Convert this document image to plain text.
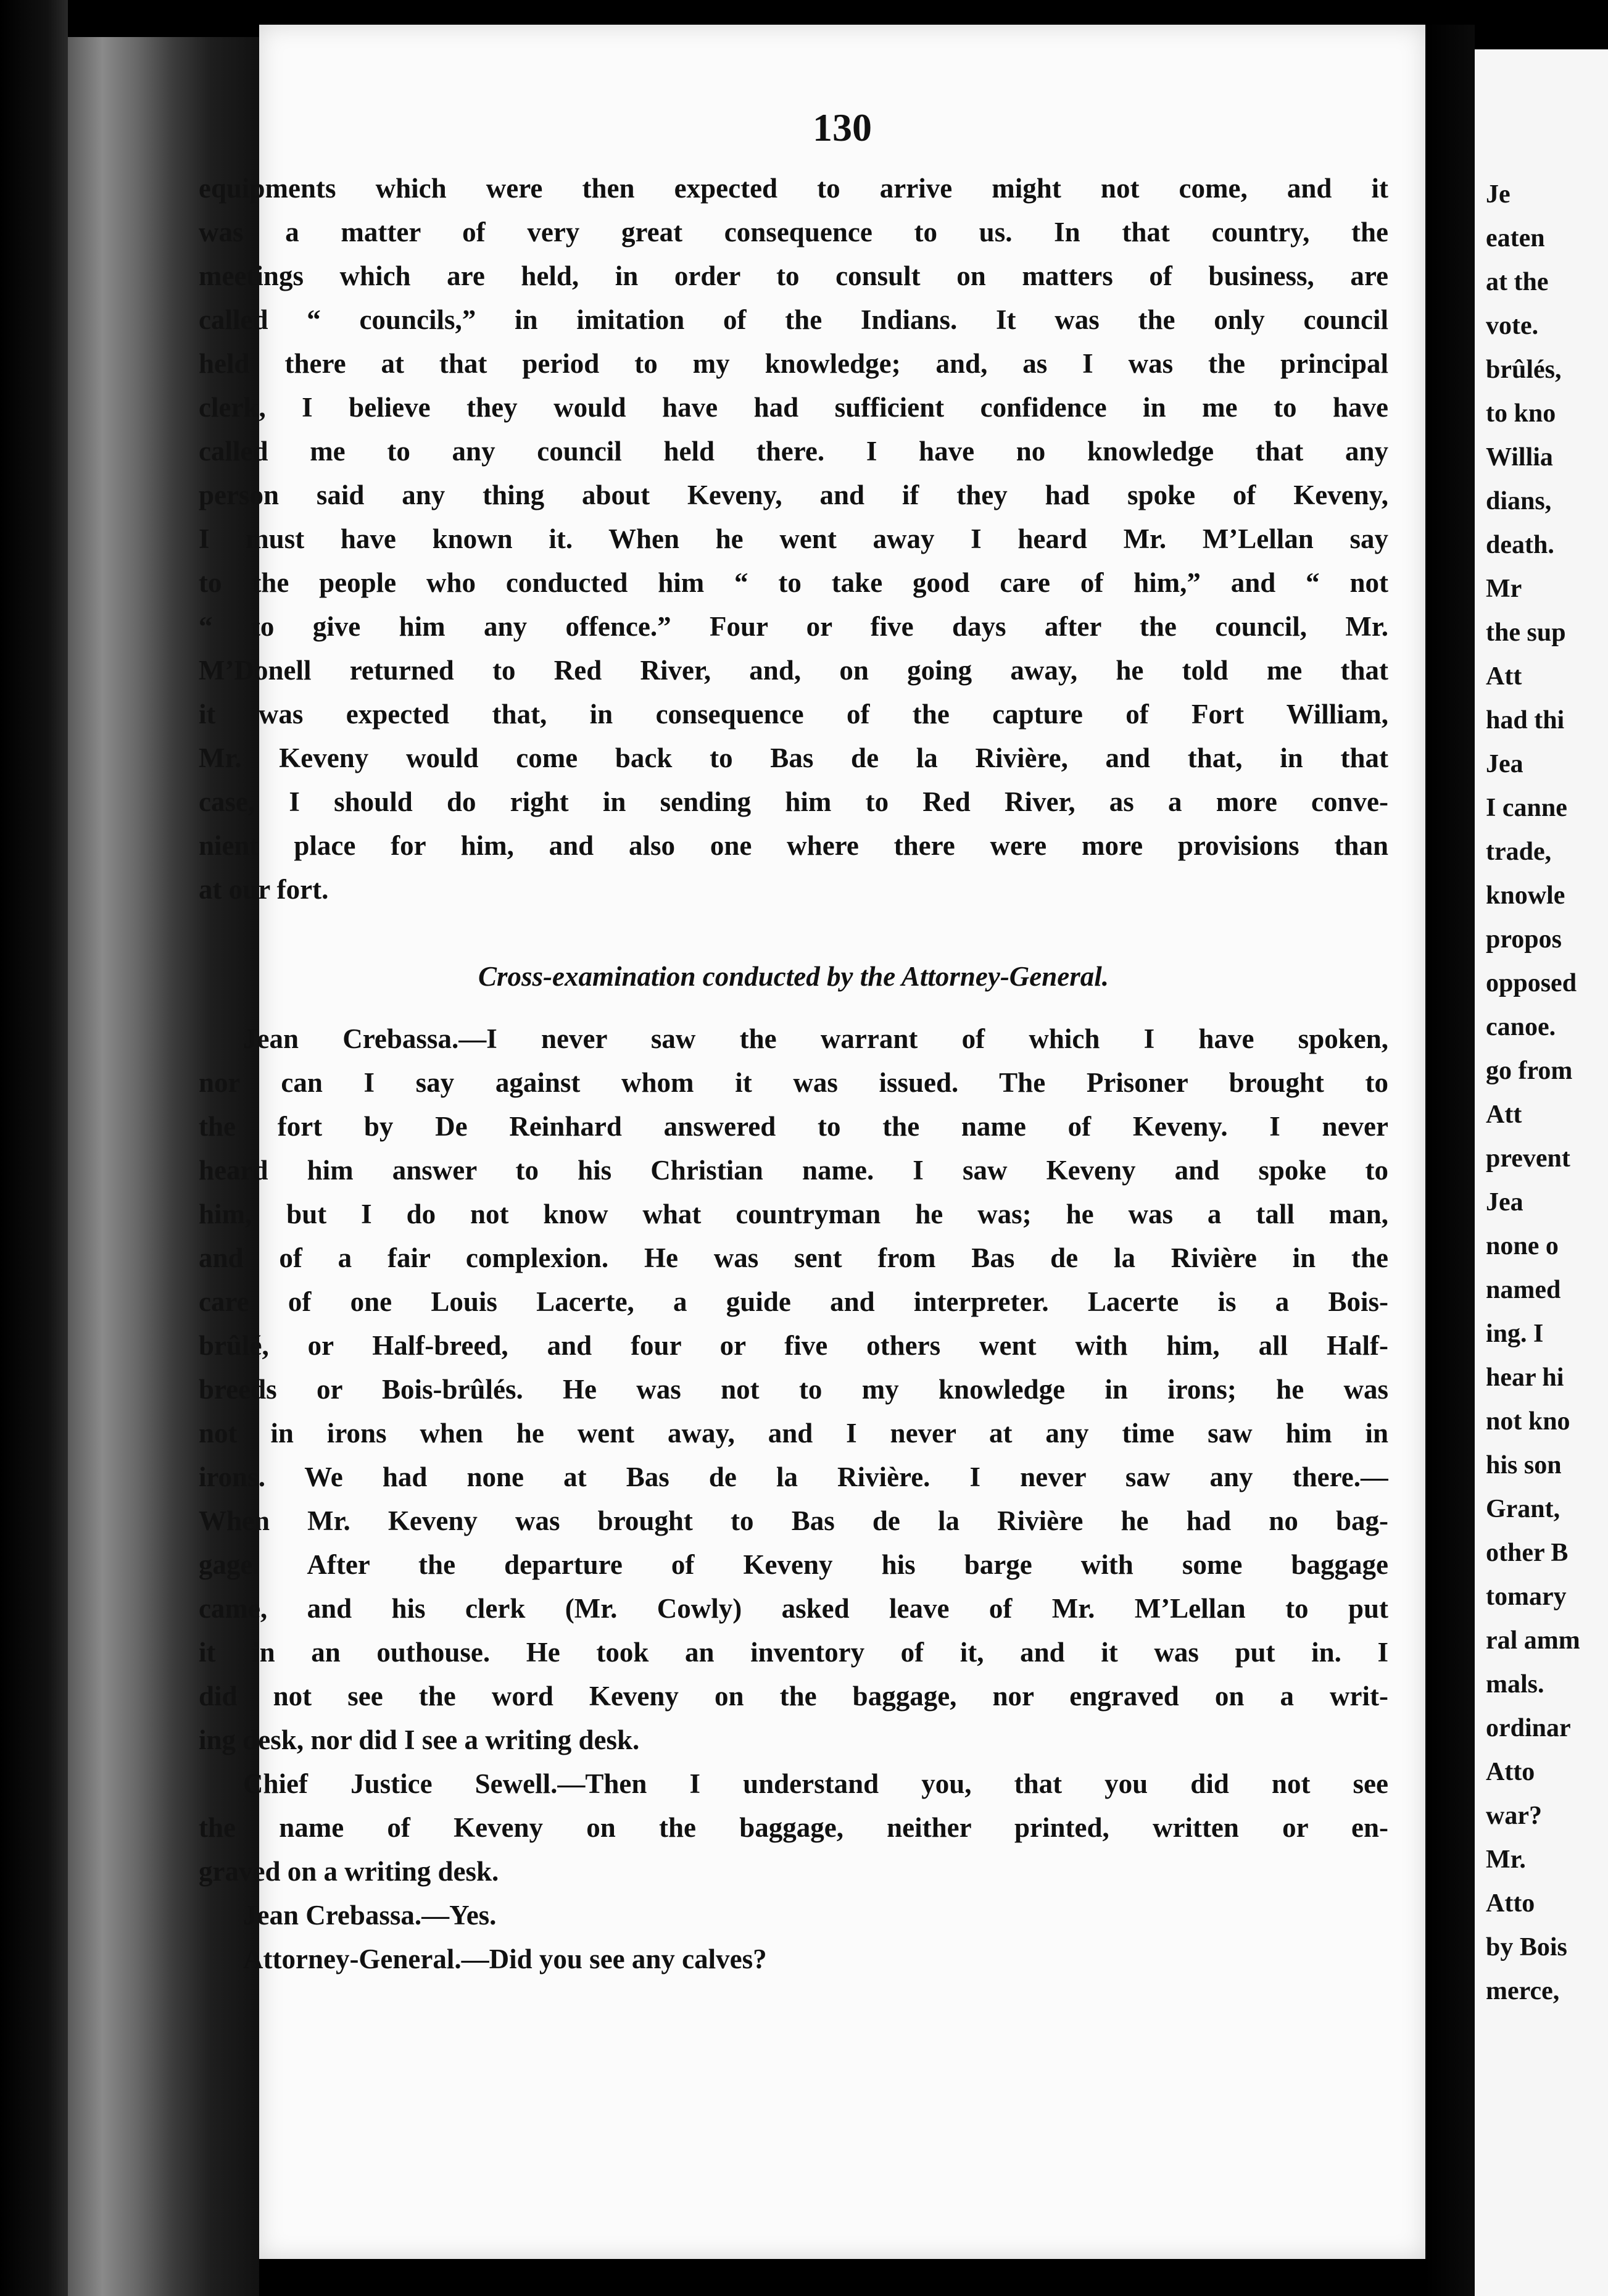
130
equipments which were then expected to arrive might not come, and it
was a matter of very great consequence to us. In that country, the
meetings which are held, in order to consult on matters of business, are
called “ councils,” in imitation of the Indians. It was the only council
held there at that period to my knowledge; and, as I was the principal
clerk, I believe they would have had sufficient confidence in me to have
called me to any council held there. I have no knowledge that any
person said any thing about Keveny, and if they had spoke of Keveny,
I must have known it. When he went away I heard Mr. M’Lellan say
to the people who conducted him “ to take good care of him,” and “ not
“ to give him any offence.” Four or five days after the council, Mr.
M’Donell returned to Red River, and, on going away, he told me that
it was expected that, in consequence of the capture of Fort William,
Mr. Keveny would come back to Bas de la Rivière, and that, in that
case, I should do right in sending him to Red River, as a more conve-
nient place for him, and also one where there were more provisions than
at our fort.
Cross-examination conducted by the Attorney-General.
Jean Crebassa.—I never saw the warrant of which I have spoken,
nor can I say against whom it was issued. The Prisoner brought to
the fort by De Reinhard answered to the name of Keveny. I never
heard him answer to his Christian name. I saw Keveny and spoke to
him, but I do not know what countryman he was; he was a tall man,
and of a fair complexion. He was sent from Bas de la Rivière in the
care of one Louis Lacerte, a guide and interpreter. Lacerte is a Bois-
brûlé, or Half-breed, and four or five others went with him, all Half-
breeds or Bois-brûlés. He was not to my knowledge in irons; he was
not in irons when he went away, and I never at any time saw him in
irons. We had none at Bas de la Rivière. I never saw any there.—
When Mr. Keveny was brought to Bas de la Rivière he had no bag-
gage. After the departure of Keveny his barge with some baggage
came, and his clerk (Mr. Cowly) asked leave of Mr. M’Lellan to put
it in an outhouse. He took an inventory of it, and it was put in. I
did not see the word Keveny on the baggage, nor engraved on a writ-
ing desk, nor did I see a writing desk.
Chief Justice Sewell.—Then I understand you, that you did not see
the name of Keveny on the baggage, neither printed, written or en-
graved on a writing desk.
Jean Crebassa.—Yes.
Attorney-General.—Did you see any calves?
Je
eaten
at the
vote.
brûlés,
to kno
Willia
dians,
death.
Mr
the sup
Att
had thi
Jea
I canne
trade,
knowle
propos
opposed
canoe.
go from
Att
prevent
Jea
none o
named
ing. I
hear hi
not kno
his son
Grant,
other B
tomary
ral amm
mals.
ordinar
Atto
war?
Mr.
Atto
by Bois
merce,
